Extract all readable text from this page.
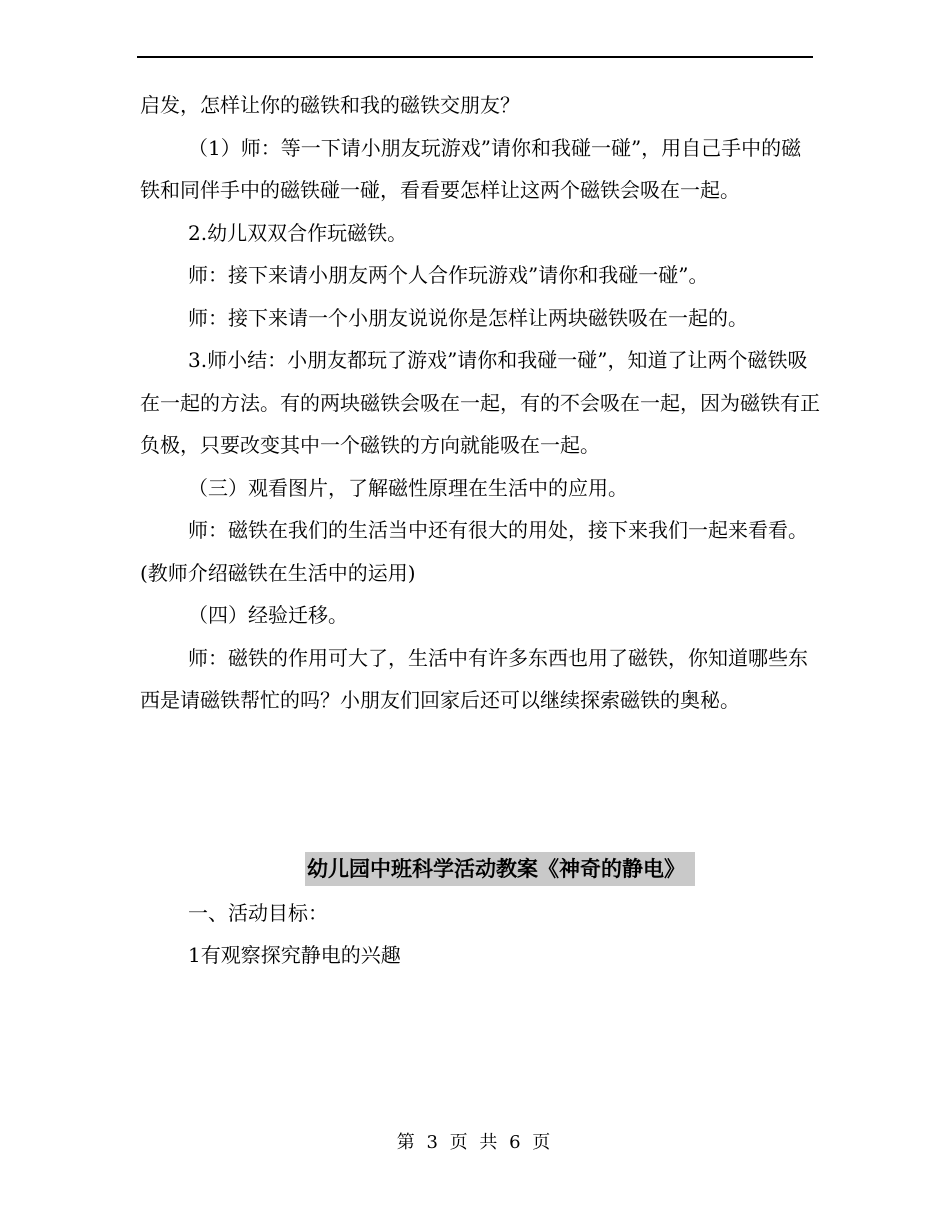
启发，怎样让你的磁铁和我的磁铁交朋友？

（1）师：等一下请小朋友玩游戏”请你和我碰一碰”，用自己手中的磁铁和同伴手中的磁铁碰一碰，看看要怎样让这两个磁铁会吸在一起。

2.幼儿双双合作玩磁铁。

师：接下来请小朋友两个人合作玩游戏”请你和我碰一碰”。

师：接下来请一个小朋友说说你是怎样让两块磁铁吸在一起的。

3.师小结：小朋友都玩了游戏”请你和我碰一碰”，知道了让两个磁铁吸在一起的方法。有的两块磁铁会吸在一起，有的不会吸在一起，因为磁铁有正负极，只要改变其中一个磁铁的方向就能吸在一起。

（三）观看图片，了解磁性原理在生活中的应用。

师：磁铁在我们的生活当中还有很大的用处，接下来我们一起来看看。(教师介绍磁铁在生活中的运用)

（四）经验迁移。

师：磁铁的作用可大了，生活中有许多东西也用了磁铁，你知道哪些东西是请磁铁帮忙的吗？小朋友们回家后还可以继续探索磁铁的奥秘。

幼儿园中班科学活动教案《神奇的静电》

一、活动目标：

1有观察探究静电的兴趣

第 3 页 共 6 页
